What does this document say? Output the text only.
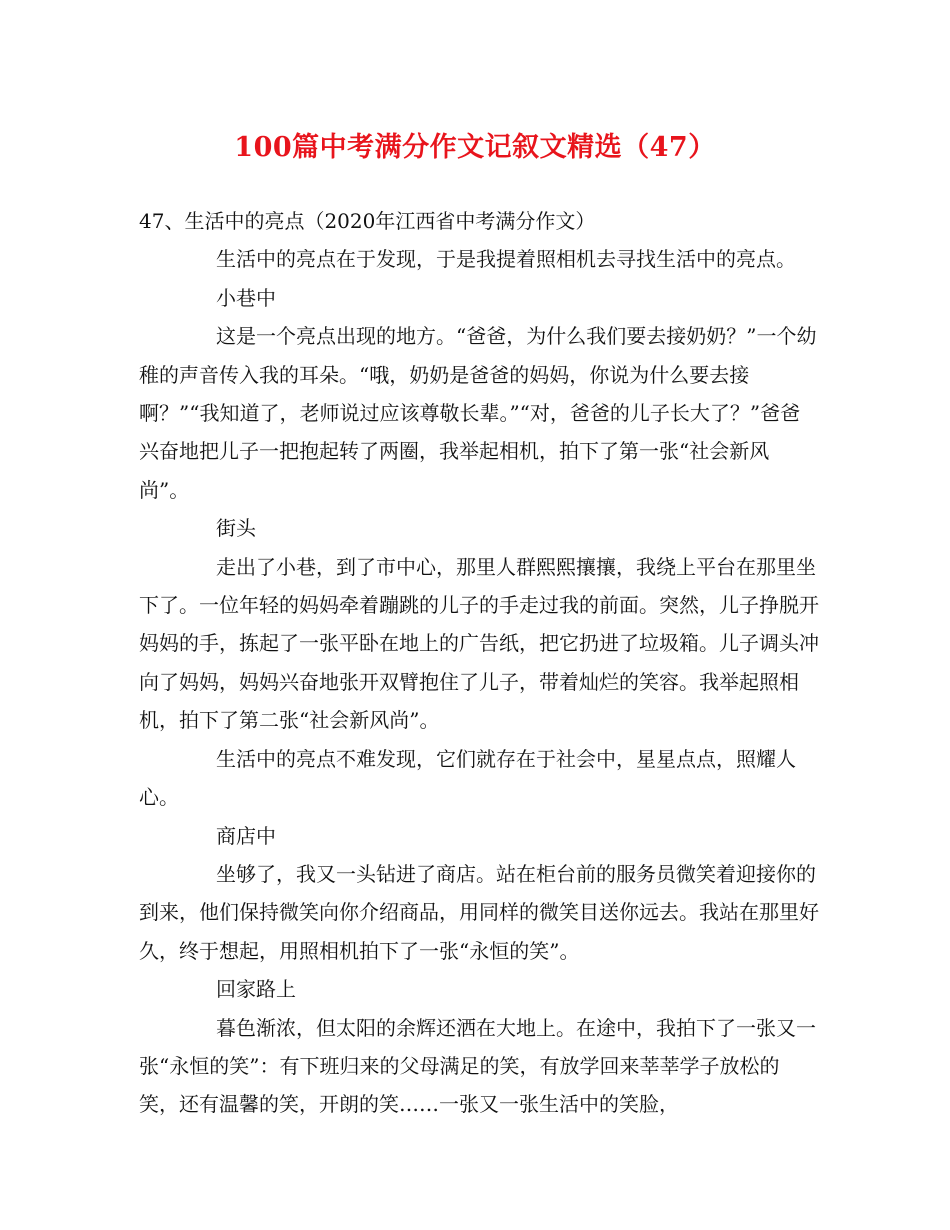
100篇中考满分作文记叙文精选（47）

47、生活中的亮点（2020年江西省中考满分作文）

生活中的亮点在于发现，于是我提着照相机去寻找生活中的亮点。

小巷中

这是一个亮点出现的地方。“爸爸，为什么我们要去接奶奶？”一个幼稚的声音传入我的耳朵。“哦，奶奶是爸爸的妈妈，你说为什么要去接啊？”“我知道了，老师说过应该尊敬长辈。”“对，爸爸的儿子长大了？”爸爸兴奋地把儿子一把抱起转了两圈，我举起相机，拍下了第一张“社会新风尚”。

街头

走出了小巷，到了市中心，那里人群熙熙攘攘，我绕上平台在那里坐下了。一位年轻的妈妈牵着蹦跳的儿子的手走过我的前面。突然，儿子挣脱开妈妈的手，拣起了一张平卧在地上的广告纸，把它扔进了垃圾箱。儿子调头冲向了妈妈，妈妈兴奋地张开双臂抱住了儿子，带着灿烂的笑容。我举起照相机，拍下了第二张“社会新风尚”。

生活中的亮点不难发现，它们就存在于社会中，星星点点，照耀人心。

商店中

坐够了，我又一头钻进了商店。站在柜台前的服务员微笑着迎接你的到来，他们保持微笑向你介绍商品，用同样的微笑目送你远去。我站在那里好久，终于想起，用照相机拍下了一张“永恒的笑”。

回家路上

暮色渐浓，但太阳的余辉还洒在大地上。在途中，我拍下了一张又一张“永恒的笑”：有下班归来的父母满足的笑，有放学回来莘莘学子放松的笑，还有温馨的笑，开朗的笑……一张又一张生活中的笑脸，
